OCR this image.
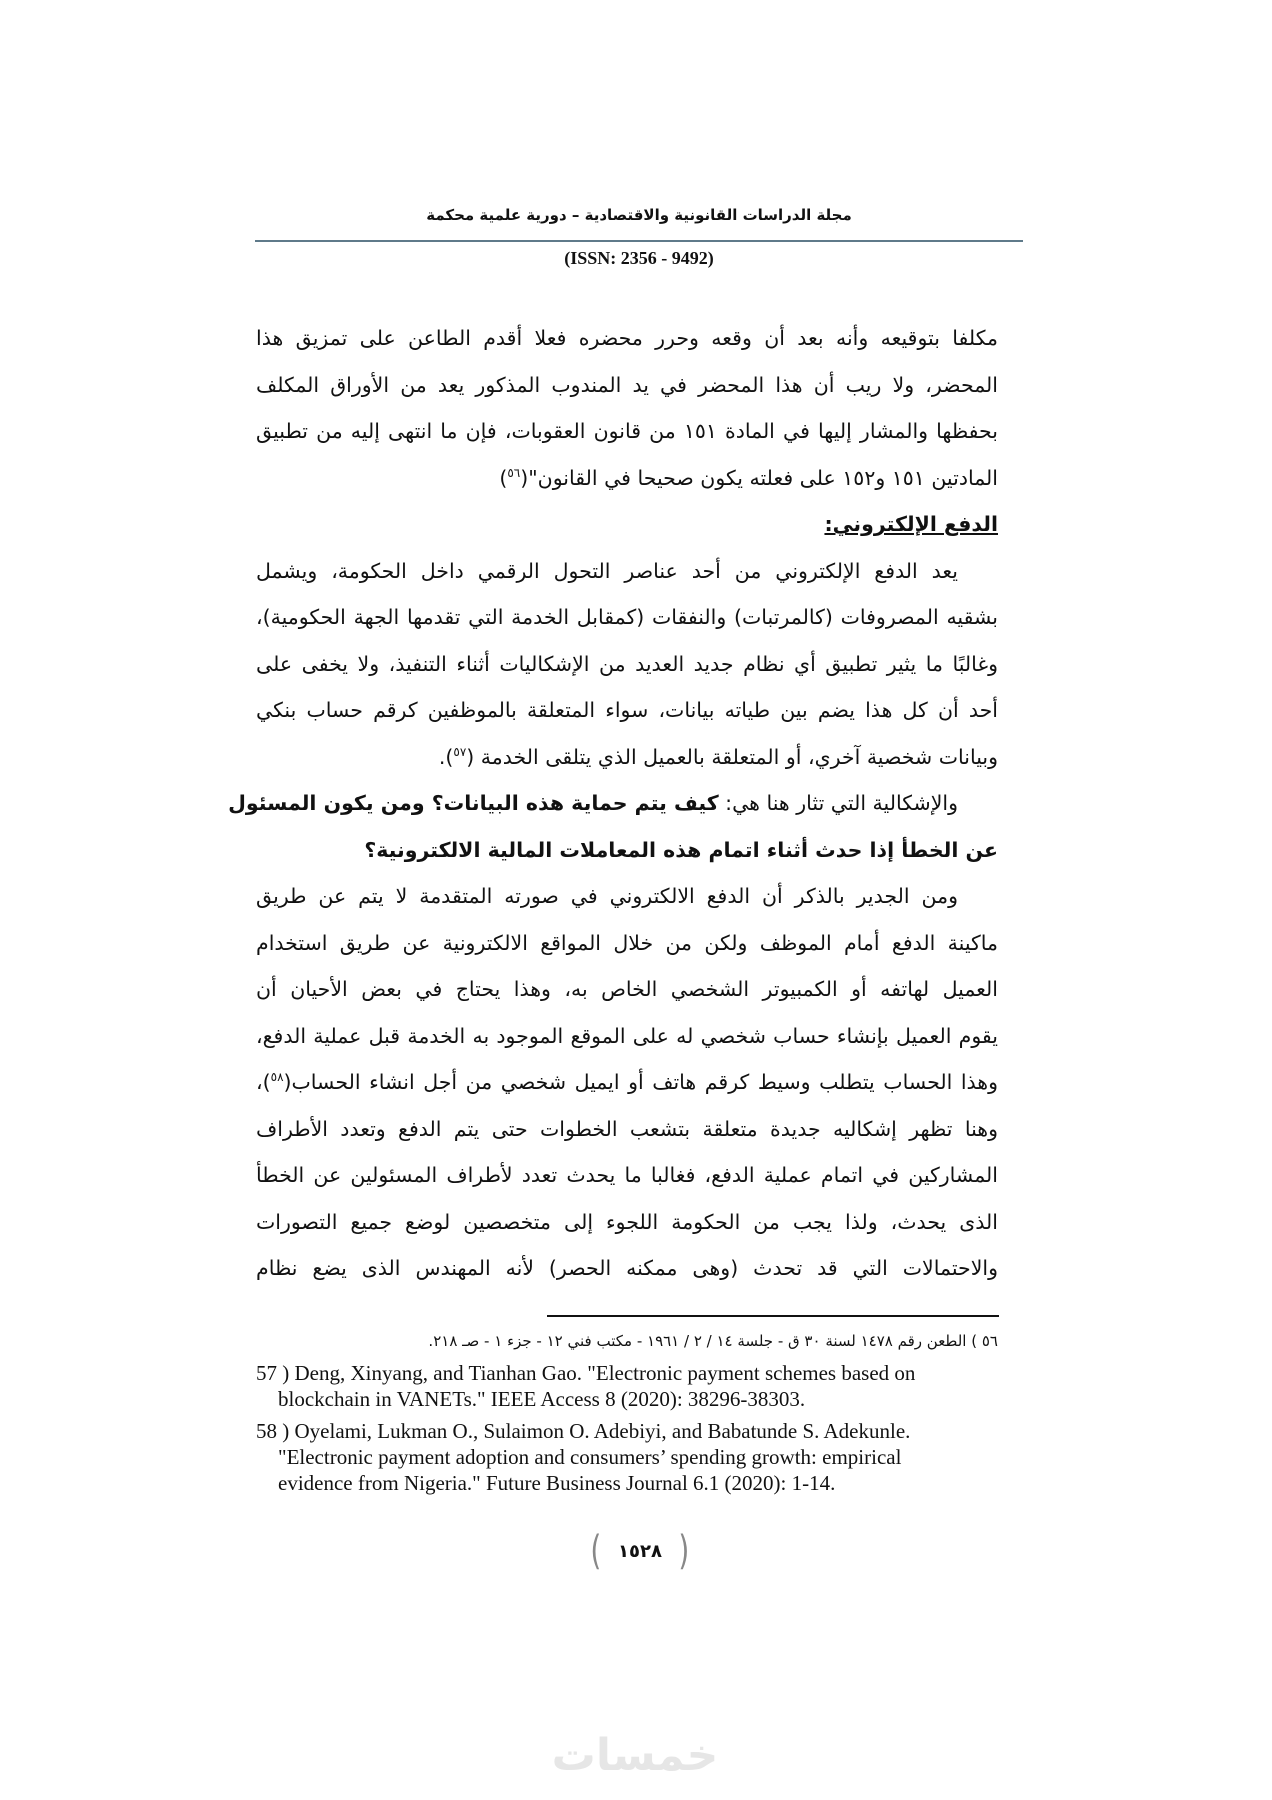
مجلة الدراسات القانونية والاقتصادية – دورية علمية محكمة
(ISSN: 2356 - 9492)
مكلفا بتوقيعه وأنه بعد أن وقعه وحرر محضره فعلا أقدم الطاعن على تمزيق هذا
المحضر، ولا ريب أن هذا المحضر في يد المندوب المذكور يعد من الأوراق المكلف
بحفظها والمشار إليها في المادة ١٥١ من قانون العقوبات، فإن ما انتهى إليه من تطبيق
المادتين ١٥١ و١٥٢ على فعلته يكون صحيحا في القانون"($^{٥٦}$)
الدفع الإلكتروني:
يعد الدفع الإلكتروني من أحد عناصر التحول الرقمي داخل الحكومة، ويشمل
بشقيه المصروفات (كالمرتبات) والنفقات (كمقابل الخدمة التي تقدمها الجهة الحكومية)،
وغالبًا ما يثير تطبيق أي نظام جديد العديد من الإشكاليات أثناء التنفيذ، ولا يخفى على
أحد أن كل هذا يضم بين طياته بيانات، سواء المتعلقة بالموظفين كرقم حساب بنكي
وبيانات شخصية آخري، أو المتعلقة بالعميل الذي يتلقى الخدمة ($^{٥٧}$).
والإشكالية التي تثار هنا هي: كيف يتم حماية هذه البيانات؟ ومن يكون المسئول
عن الخطأ إذا حدث أثناء اتمام هذه المعاملات المالية الالكترونية؟
ومن الجدير بالذكر أن الدفع الالكتروني في صورته المتقدمة لا يتم عن طريق
ماكينة الدفع أمام الموظف ولكن من خلال المواقع الالكترونية عن طريق استخدام
العميل لهاتفه أو الكمبيوتر الشخصي الخاص به، وهذا يحتاج في بعض الأحيان أن
يقوم العميل بإنشاء حساب شخصي له على الموقع الموجود به الخدمة قبل عملية الدفع،
وهذا الحساب يتطلب وسيط كرقم هاتف أو ايميل شخصي من أجل انشاء الحساب($^{٥٨}$)،
وهنا تظهر إشكاليه جديدة متعلقة بتشعب الخطوات حتى يتم الدفع وتعدد الأطراف
المشاركين في اتمام عملية الدفع، فغالبا ما يحدث تعدد لأطراف المسئولين عن الخطأ
الذى يحدث، ولذا يجب من الحكومة اللجوء إلى متخصصين لوضع جميع التصورات
والاحتمالات التي قد تحدث (وهى ممكنه الحصر) لأنه المهندس الذى يضع نظام
٥٦ ) الطعن رقم ١٤٧٨ لسنة ٣٠ ق - جلسة ١٤ / ٢ / ١٩٦١ - مكتب فني ١٢ - جزء ١ - صـ ٢١٨.
57 ) Deng, Xinyang, and Tianhan Gao. "Electronic payment schemes based on
blockchain in VANETs." IEEE Access 8 (2020): 38296-38303.
58 ) Oyelami, Lukman O., Sulaimon O. Adebiyi, and Babatunde S. Adekunle.
"Electronic payment adoption and consumers’ spending growth: empirical
evidence from Nigeria." Future Business Journal 6.1 (2020): 1-14.
( ١٥٢٨ )
خمسات
